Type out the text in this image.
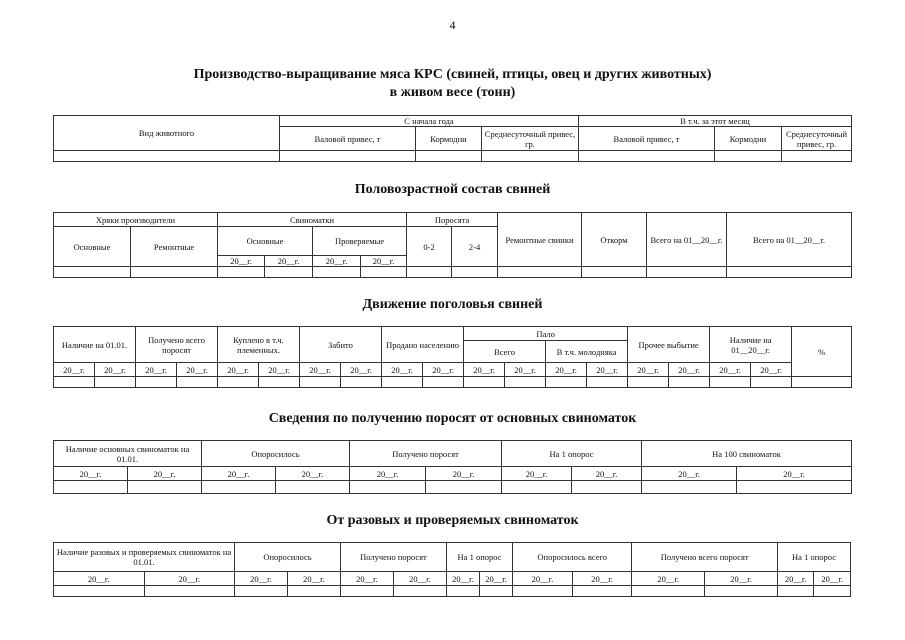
4
Производство-выращивание мяса КРС (свиней, птицы, овец и других животных)
в живом весе (тонн)
Вид животного	С начала года			В т.ч. за этот месяц		
	Валовой привес, т	Кормодни	Среднесуточный привес, гр.	Валовой привес, т	Кормодни	Среднесуточный привес, гр.

Половозрастной состав свиней
Хряки производители		Свиноматки				Поросята		Ремонтные свинки	Откорм	Всего на 01__20__г.	Всего на 01__20__г.
Основные	Ремонтные	Основные		Проверяемые		0-2	2-4				
		20__г.	20__г.	20__г.	20__г.						

Движение поголовья свиней
Наличие на 01.01.		Получено всего поросят		Куплено в т.ч. племенных.		Забито		Продано населению		Пало				Прочее выбытие		Наличие на 01__20__г.		%
										Всего		В т.ч. молодняка						
20__г.	20__г.	20__г.	20__г.	20__г.	20__г.	20__г.	20__г.	20__г.	20__г.	20__г.	20__г.	20__г.	20__г.	20__г.	20__г.	20__г.	20__г.	

Сведения по получению поросят от основных свиноматок
Наличие основных свиноматок на 01.01.		Опоросилось		Получено поросят		На 1 опорос		На 100 свиноматок	
20__г.	20__г.	20__г.	20__г.	20__г.	20__г.	20__г.	20__г.	20__г.	20__г.

От разовых и проверяемых свиноматок
Наличие разовых и проверяемых свиноматок на 01.01.		Опоросилось		Получено поросят		На 1 опорос		Опоросилось всего		Получено всего поросят		На 1 опорос	
20__г.	20__г.	20__г.	20__г.	20__г.	20__г.	20__г.	20__г.	20__г.	20__г.	20__г.	20__г.	20__г.	20__г.
